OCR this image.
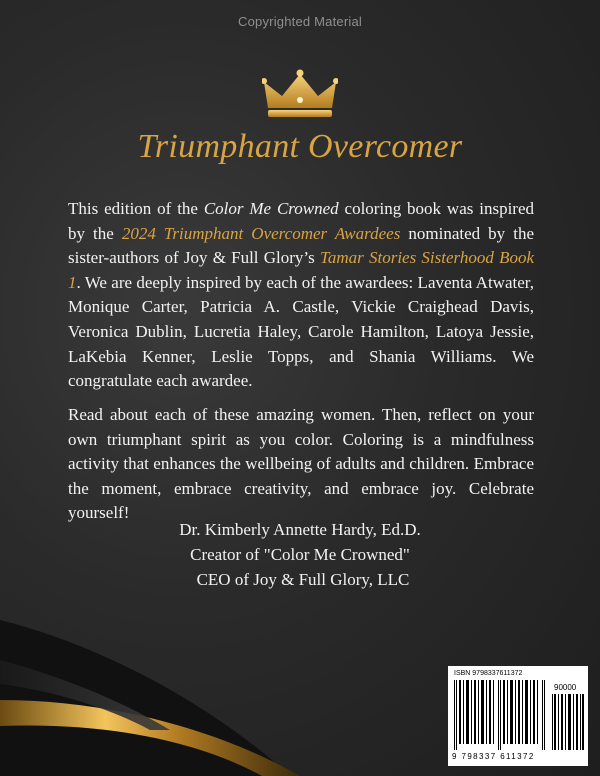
Copyrighted Material
Triumphant Overcomer

This edition of the Color Me Crowned coloring book was inspired by the 2024 Triumphant Overcomer Awardees nominated by the sister-authors of Joy & Full Glory’s Tamar Stories Sisterhood Book 1. We are deeply inspired by each of the awardees: Laventa Atwater, Monique Carter, Patricia A. Castle, Vickie Craighead Davis, Veronica Dublin, Lucretia Haley, Carole Hamilton, Latoya Jessie, LaKebia Kenner, Leslie Topps, and Shania Williams. We congratulate each awardee.

Read about each of these amazing women. Then, reflect on your own triumphant spirit as you color. Coloring is a mindfulness activity that enhances the wellbeing of adults and children. Embrace the moment, embrace creativity, and embrace joy. Celebrate yourself!

Dr. Kimberly Annette Hardy, Ed.D.
Creator of "Color Me Crowned"
CEO of Joy & Full Glory, LLC
ISBN 9798337611372
90000
9 798337 611372
